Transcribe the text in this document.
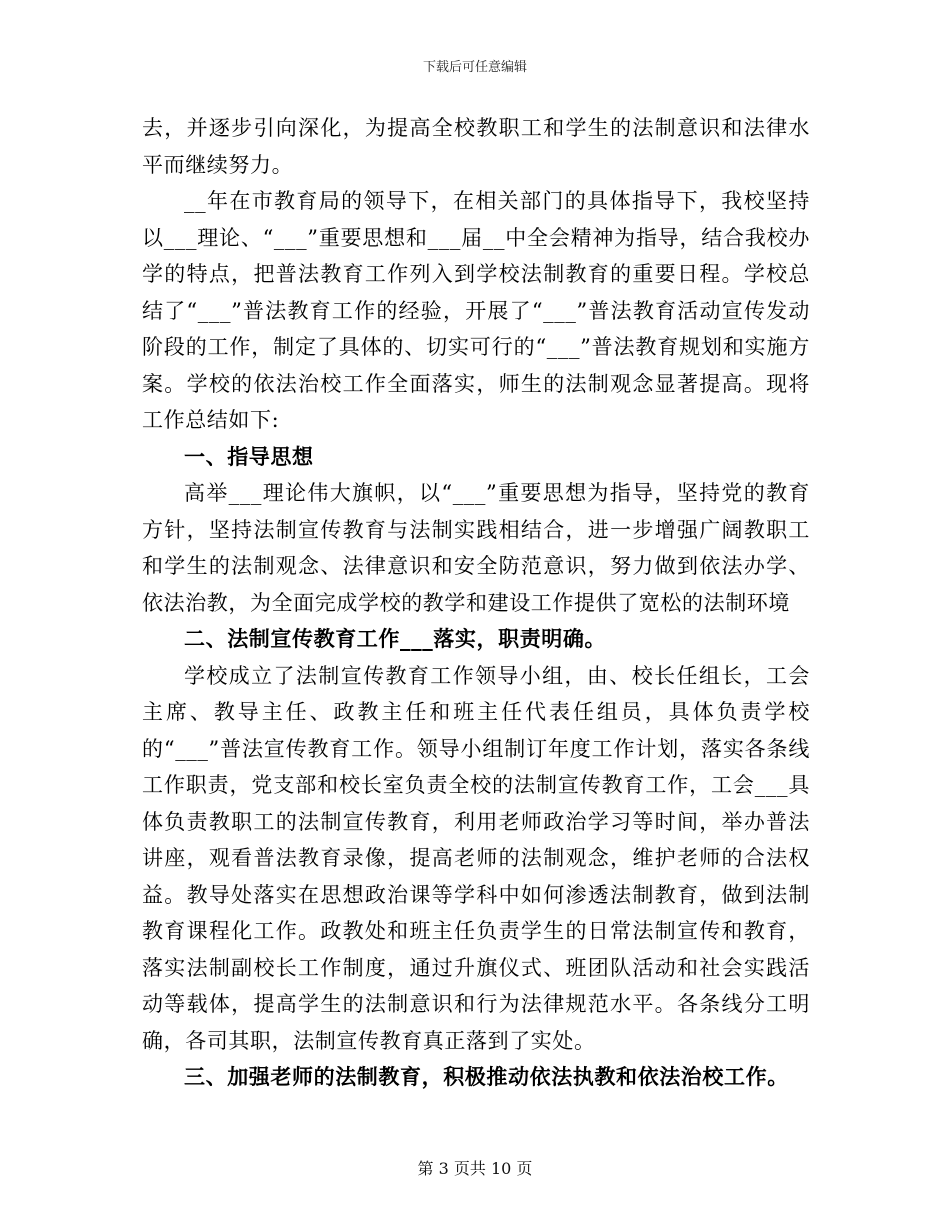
下载后可任意编辑

去，并逐步引向深化，为提高全校教职工和学生的法制意识和法律水平而继续努力。

__年在市教育局的领导下，在相关部门的具体指导下，我校坚持以___理论、“___”重要思想和___届__中全会精神为指导，结合我校办学的特点，把普法教育工作列入到学校法制教育的重要日程。学校总结了“___”普法教育工作的经验，开展了“___”普法教育活动宣传发动阶段的工作，制定了具体的、切实可行的“___”普法教育规划和实施方案。学校的依法治校工作全面落实，师生的法制观念显著提高。现将工作总结如下:

一、指导思想

高举___理论伟大旗帜，以“___”重要思想为指导，坚持党的教育方针，坚持法制宣传教育与法制实践相结合，进一步增强广阔教职工和学生的法制观念、法律意识和安全防范意识，努力做到依法办学、依法治教，为全面完成学校的教学和建设工作提供了宽松的法制环境

二、法制宣传教育工作___落实，职责明确。

学校成立了法制宣传教育工作领导小组，由、校长任组长，工会主席、教导主任、政教主任和班主任代表任组员，具体负责学校的“___”普法宣传教育工作。领导小组制订年度工作计划，落实各条线工作职责，党支部和校长室负责全校的法制宣传教育工作，工会___具体负责教职工的法制宣传教育，利用老师政治学习等时间，举办普法讲座，观看普法教育录像，提高老师的法制观念，维护老师的合法权益。教导处落实在思想政治课等学科中如何渗透法制教育，做到法制教育课程化工作。政教处和班主任负责学生的日常法制宣传和教育，落实法制副校长工作制度，通过升旗仪式、班团队活动和社会实践活动等载体，提高学生的法制意识和行为法律规范水平。各条线分工明确，各司其职，法制宣传教育真正落到了实处。

三、加强老师的法制教育，积极推动依法执教和依法治校工作。

第 3 页共 10 页
